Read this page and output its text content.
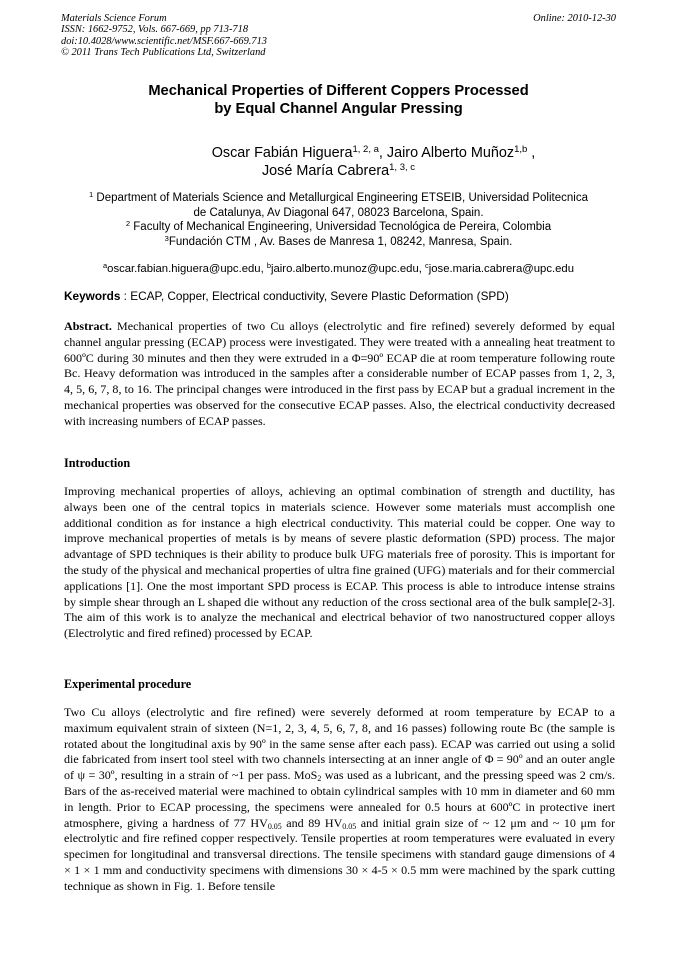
Materials Science Forum
ISSN: 1662-9752, Vols. 667-669, pp 713-718
doi:10.4028/www.scientific.net/MSF.667-669.713
© 2011 Trans Tech Publications Ltd, Switzerland
Online: 2010-12-30
Mechanical Properties of Different Coppers Processed
by Equal Channel Angular Pressing
Oscar Fabián Higuera$^{1, 2, a}$, Jairo Alberto Muñoz$^{1,b}$ ,
José María Cabrera$^{1, 3, c}$
$^1$ Department of Materials Science and Metallurgical Engineering ETSEIB, Universidad Politecnica
de Catalunya, Av Diagonal 647, 08023 Barcelona, Spain.
$^2$ Faculty of Mechanical Engineering, Universidad Tecnológica de Pereira, Colombia
$^3$Fundación CTM , Av. Bases de Manresa 1, 08242, Manresa, Spain.
$^a$oscar.fabian.higuera@upc.edu, $^b$jairo.alberto.munoz@upc.edu, $^c$jose.maria.cabrera@upc.edu
Keywords : ECAP, Copper, Electrical conductivity, Severe Plastic Deformation (SPD)

Abstract. Mechanical properties of two Cu alloys (electrolytic and fire refined) severely deformed by equal channel angular pressing (ECAP) process were investigated. They were treated with a annealing heat treatment to 600ºC during 30 minutes and then they were extruded in a Φ=90º ECAP die at room temperature following route Bc. Heavy deformation was introduced in the samples after a considerable number of ECAP passes from 1, 2, 3, 4, 5, 6, 7, 8, to 16. The principal changes were introduced in the first pass by ECAP but a gradual increment in the mechanical properties was observed for the consecutive ECAP passes. Also, the electrical conductivity decreased with increasing numbers of ECAP passes.

Introduction

Improving mechanical properties of alloys, achieving an optimal combination of strength and ductility, has always been one of the central topics in materials science. However some materials must accomplish one additional condition as for instance a high electrical conductivity. This material could be copper. One way to improve mechanical properties of metals is by means of severe plastic deformation (SPD) process. The major advantage of SPD techniques is their ability to produce bulk UFG materials free of porosity. This is important for the study of the physical and mechanical properties of ultra fine grained (UFG) materials and for their commercial applications [1]. One the most important SPD process is ECAP. This process is able to introduce intense strains by simple shear through an L shaped die without any reduction of the cross sectional area of the bulk sample[2-3]. The aim of this work is to analyze the mechanical and electrical behavior of two nanostructured copper alloys (Electrolytic and fired refined) processed by ECAP.

Experimental procedure

Two Cu alloys (electrolytic and fire refined) were severely deformed at room temperature by ECAP to a maximum equivalent strain of sixteen (N=1, 2, 3, 4, 5, 6, 7, 8, and 16 passes) following route Bc (the sample is rotated about the longitudinal axis by 90º in the same sense after each pass). ECAP was carried out using a solid die fabricated from insert tool steel with two channels intersecting at an inner angle of Φ = 90º and an outer angle of ψ = 30º, resulting in a strain of ~1 per pass. MoS$_2$ was used as a lubricant, and the pressing speed was 2 cm/s. Bars of the as-received material were machined to obtain cylindrical samples with 10 mm in diameter and 60 mm in length. Prior to ECAP processing, the specimens were annealed for 0.5 hours at 600ºC in protective inert atmosphere, giving a hardness of 77 $HV_{0.05}$ and 89 $HV_{0.05}$ and initial grain size of ~ 12 μm and ~ 10 μm for electrolytic and fire refined copper respectively. Tensile properties at room temperatures were evaluated in every specimen for longitudinal and transversal directions. The tensile specimens with standard gauge dimensions of 4 × 1 × 1 mm and conductivity specimens with dimensions 30 × 4-5 × 0.5 mm were machined by the spark cutting technique as shown in Fig. 1. Before tensile
